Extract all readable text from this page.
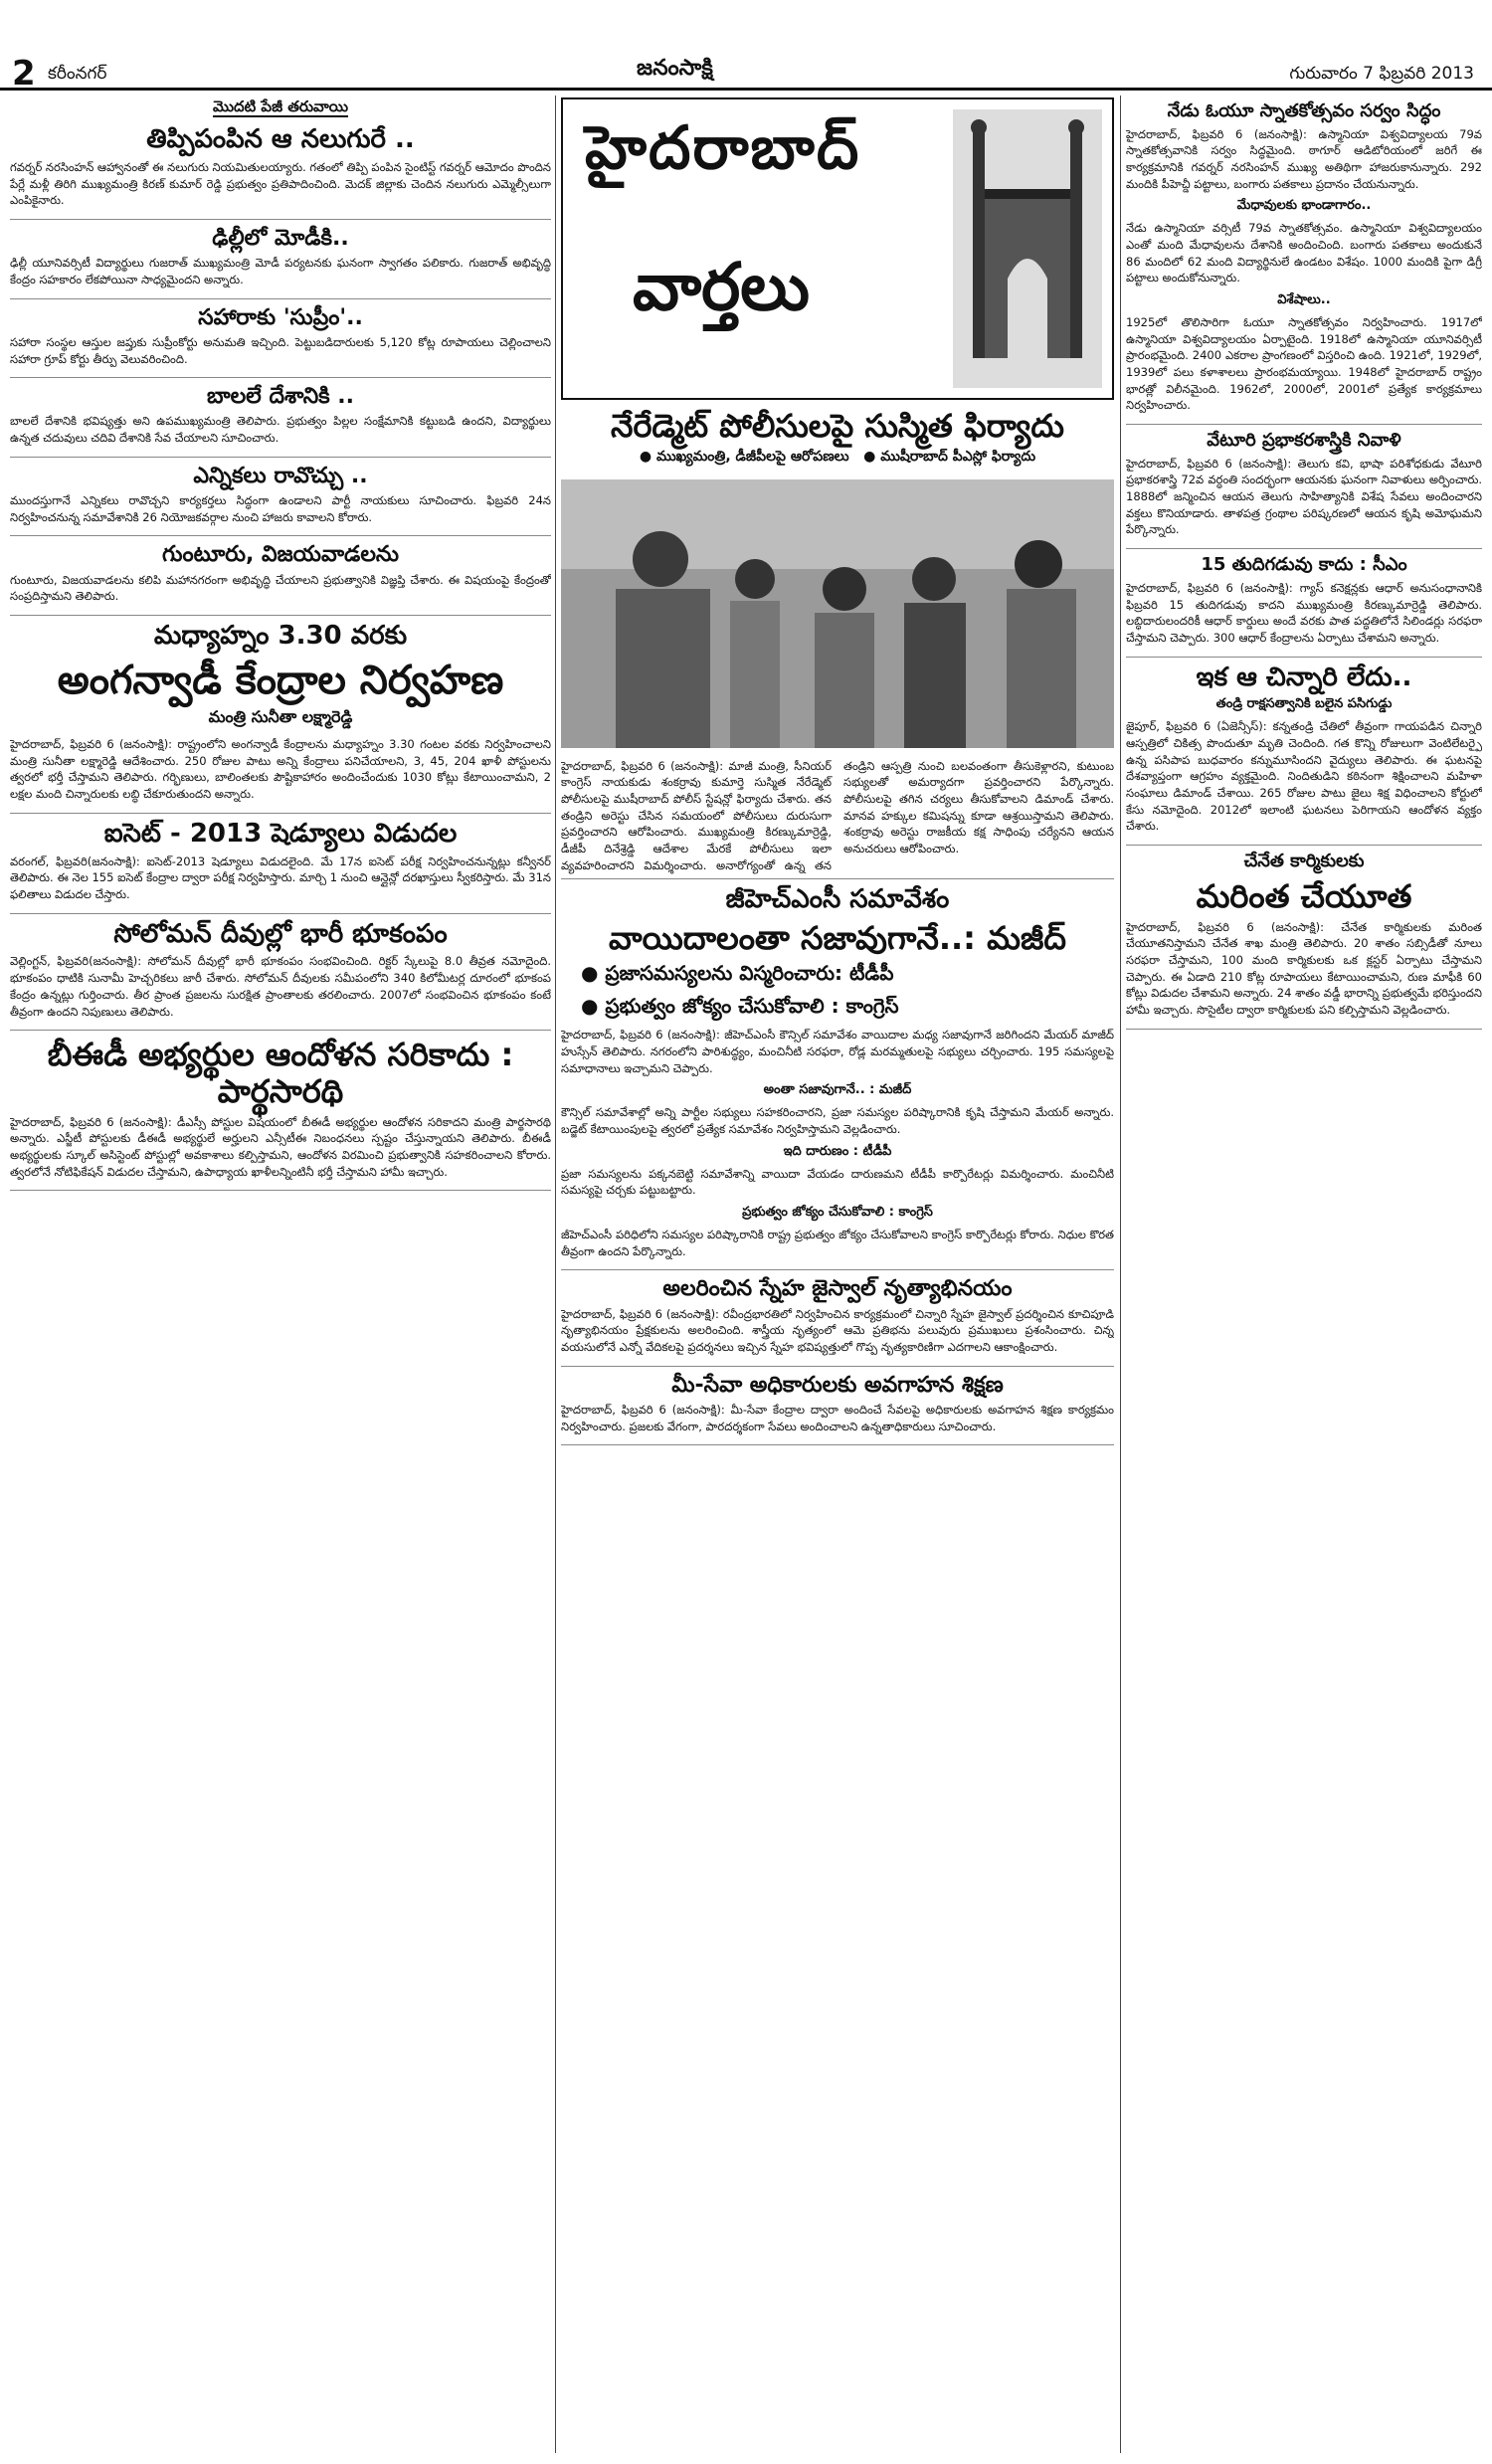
2 కరీంనగర్	జనంసాక్షి	గురువారం 7 ఫిబ్రవరి 2013
మొదటి పేజీ తరువాయి
తిప్పిపంపిన ఆ నలుగురే ..

గవర్నర్ నరసింహన్ ఆహ్వానంతో ఈ నలుగురు నియమితులయ్యారు. గతంలో తిప్పి పంపిన సైంటిస్ట్ గవర్నర్ ఆమోదం పొందిన పేర్లే మళ్లీ తిరిగి ముఖ్యమంత్రి కిరణ్ కుమార్ రెడ్డి ప్రభుత్వం ప్రతిపాదించింది. మెదక్ జిల్లాకు చెందిన నలుగురు ఎమ్మెల్సీలుగా ఎంపికైనారు.

ఢిల్లీలో మోడీకి..

ఢిల్లీ యూనివర్సిటీ విద్యార్థులు గుజరాత్ ముఖ్యమంత్రి మోడీ పర్యటనకు ఘనంగా స్వాగతం పలికారు. గుజరాత్ అభివృద్ధి కేంద్రం సహకారం లేకపోయినా సాధ్యమైందని అన్నారు.

సహారాకు 'సుప్రీం'..

సహారా సంస్థల ఆస్తుల జప్తుకు సుప్రీంకోర్టు అనుమతి ఇచ్చింది. పెట్టుబడిదారులకు 5,120 కోట్ల రూపాయలు చెల్లించాలని సహారా గ్రూప్ కోర్టు తీర్పు వెలువరించింది.

బాలలే దేశానికి ..

బాలలే దేశానికి భవిష్యత్తు అని ఉపముఖ్యమంత్రి తెలిపారు. ప్రభుత్వం పిల్లల సంక్షేమానికి కట్టుబడి ఉందని, విద్యార్థులు ఉన్నత చదువులు చదివి దేశానికి సేవ చేయాలని సూచించారు.

ఎన్నికలు రావొచ్చు ..

ముందస్తుగానే ఎన్నికలు రావొచ్చని కార్యకర్తలు సిద్ధంగా ఉండాలని పార్టీ నాయకులు సూచించారు. ఫిబ్రవరి 24న నిర్వహించనున్న సమావేశానికి 26 నియోజకవర్గాల నుంచి హాజరు కావాలని కోరారు.

గుంటూరు, విజయవాడలను

గుంటూరు, విజయవాడలను కలిపి మహానగరంగా అభివృద్ధి చేయాలని ప్రభుత్వానికి విజ్ఞప్తి చేశారు. ఈ విషయంపై కేంద్రంతో సంప్రదిస్తామని తెలిపారు.

మధ్యాహ్నం 3.30 వరకు
అంగన్వాడీ కేంద్రాల నిర్వహణ
మంత్రి సునీతా లక్ష్మారెడ్డి

హైదరాబాద్, ఫిబ్రవరి 6 (జనంసాక్షి): రాష్ట్రంలోని అంగన్వాడీ కేంద్రాలను మధ్యాహ్నం 3.30 గంటల వరకు నిర్వహించాలని మంత్రి సునీతా లక్ష్మారెడ్డి ఆదేశించారు. 250 రోజుల పాటు అన్ని కేంద్రాలు పనిచేయాలని, 3, 45, 204 ఖాళీ పోస్టులను త్వరలో భర్తీ చేస్తామని తెలిపారు. గర్భిణులు, బాలింతలకు పౌష్టికాహారం అందించేందుకు 1030 కోట్లు కేటాయించామని, 2 లక్షల మంది చిన్నారులకు లబ్ధి చేకూరుతుందని అన్నారు.

ఐసెట్ - 2013 షెడ్యూలు విడుదల

వరంగల్, ఫిబ్రవరి(జనంసాక్షి): ఐసెట్-2013 షెడ్యూలు విడుదలైంది. మే 17న ఐసెట్ పరీక్ష నిర్వహించనున్నట్లు కన్వీనర్ తెలిపారు. ఈ నెల 155 ఐసెట్ కేంద్రాల ద్వారా పరీక్ష నిర్వహిస్తారు. మార్చి 1 నుంచి ఆన్లైన్లో దరఖాస్తులు స్వీకరిస్తారు. మే 31న ఫలితాలు విడుదల చేస్తారు.

సోలోమన్ దీవుల్లో భారీ భూకంపం

వెల్లింగ్టన్, ఫిబ్రవరి(జనంసాక్షి): సోలోమన్ దీవుల్లో భారీ భూకంపం సంభవించింది. రిక్టర్ స్కేలుపై 8.0 తీవ్రత నమోదైంది. భూకంపం ధాటికి సునామీ హెచ్చరికలు జారీ చేశారు. సోలోమన్ దీవులకు సమీపంలోని 340 కిలోమీటర్ల దూరంలో భూకంప కేంద్రం ఉన్నట్లు గుర్తించారు. తీర ప్రాంత ప్రజలను సురక్షిత ప్రాంతాలకు తరలించారు. 2007లో సంభవించిన భూకంపం కంటే తీవ్రంగా ఉందని నిపుణులు తెలిపారు.

బీఈడీ అభ్యర్థుల ఆందోళన సరికాదు : పార్థసారథి

హైదరాబాద్, ఫిబ్రవరి 6 (జనంసాక్షి): డీఎస్సీ పోస్టుల విషయంలో బీఈడీ అభ్యర్థుల ఆందోళన సరికాదని మంత్రి పార్థసారథి అన్నారు. ఎస్జీటీ పోస్టులకు డీఈడీ అభ్యర్థులే అర్హులని ఎన్సీటీఈ నిబంధనలు స్పష్టం చేస్తున్నాయని తెలిపారు. బీఈడీ అభ్యర్థులకు స్కూల్ అసిస్టెంట్ పోస్టుల్లో అవకాశాలు కల్పిస్తామని, ఆందోళన విరమించి ప్రభుత్వానికి సహకరించాలని కోరారు. త్వరలోనే నోటిఫికేషన్ విడుదల చేస్తామని, ఉపాధ్యాయ ఖాళీలన్నింటినీ భర్తీ చేస్తామని హామీ ఇచ్చారు.

హైదరాబాద్
వార్తలు
నేరేడ్మెట్ పోలీసులపై సుస్మిత ఫిర్యాదు
● ముఖ్యమంత్రి, డీజీపీలపై ఆరోపణలు   ● ముషీరాబాద్ పీఎస్లో ఫిర్యాదు

హైదరాబాద్, ఫిబ్రవరి 6 (జనంసాక్షి): మాజీ మంత్రి, సీనియర్ కాంగ్రెస్ నాయకుడు శంకర్రావు కుమార్తె సుస్మిత నేరేడ్మెట్ పోలీసులపై ముషీరాబాద్ పోలీస్ స్టేషన్లో ఫిర్యాదు చేశారు. తన తండ్రిని అరెస్టు చేసిన సమయంలో పోలీసులు దురుసుగా ప్రవర్తించారని ఆరోపించారు. ముఖ్యమంత్రి కిరణ్కుమార్రెడ్డి, డీజీపీ దినేశ్రెడ్డి ఆదేశాల మేరకే పోలీసులు ఇలా వ్యవహరించారని విమర్శించారు. అనారోగ్యంతో ఉన్న తన తండ్రిని ఆస్పత్రి నుంచి బలవంతంగా తీసుకెళ్లారని, కుటుంబ సభ్యులతో అమర్యాదగా ప్రవర్తించారని పేర్కొన్నారు. పోలీసులపై తగిన చర్యలు తీసుకోవాలని డిమాండ్ చేశారు. మానవ హక్కుల కమిషన్ను కూడా ఆశ్రయిస్తామని తెలిపారు. శంకర్రావు అరెస్టు రాజకీయ కక్ష సాధింపు చర్యేనని ఆయన అనుచరులు ఆరోపించారు.

జీహెచ్ఎంసీ సమావేశం
వాయిదాలంతా సజావుగానే..: మజీద్
● ప్రజాసమస్యలను విస్మరించారు: టీడీపీ
● ప్రభుత్వం జోక్యం చేసుకోవాలి : కాంగ్రెస్

హైదరాబాద్, ఫిబ్రవరి 6 (జనంసాక్షి): జీహెచ్ఎంసీ కౌన్సిల్ సమావేశం వాయిదాల మధ్య సజావుగానే జరిగిందని మేయర్ మాజీద్ హుస్సేన్ తెలిపారు. నగరంలోని పారిశుద్ధ్యం, మంచినీటి సరఫరా, రోడ్ల మరమ్మతులపై సభ్యులు చర్చించారు. 195 సమస్యలపై సమాధానాలు ఇచ్చామని చెప్పారు.

అంతా సజావుగానే.. : మజీద్

కౌన్సిల్ సమావేశాల్లో అన్ని పార్టీల సభ్యులు సహకరించారని, ప్రజా సమస్యల పరిష్కారానికి కృషి చేస్తామని మేయర్ అన్నారు. బడ్జెట్ కేటాయింపులపై త్వరలో ప్రత్యేక సమావేశం నిర్వహిస్తామని వెల్లడించారు.

ఇది దారుణం : టీడీపీ

ప్రజా సమస్యలను పక్కనబెట్టి సమావేశాన్ని వాయిదా వేయడం దారుణమని టీడీపీ కార్పొరేటర్లు విమర్శించారు. మంచినీటి సమస్యపై చర్చకు పట్టుబట్టారు.

ప్రభుత్వం జోక్యం చేసుకోవాలి : కాంగ్రెస్

జీహెచ్ఎంసీ పరిధిలోని సమస్యల పరిష్కారానికి రాష్ట్ర ప్రభుత్వం జోక్యం చేసుకోవాలని కాంగ్రెస్ కార్పొరేటర్లు కోరారు. నిధుల కొరత తీవ్రంగా ఉందని పేర్కొన్నారు.

అలరించిన స్నేహ జైస్వాల్ నృత్యాభినయం

హైదరాబాద్, ఫిబ్రవరి 6 (జనంసాక్షి): రవీంద్రభారతిలో నిర్వహించిన కార్యక్రమంలో చిన్నారి స్నేహ జైస్వాల్ ప్రదర్శించిన కూచిపూడి నృత్యాభినయం ప్రేక్షకులను అలరించింది. శాస్త్రీయ నృత్యంలో ఆమె ప్రతిభను పలువురు ప్రముఖులు ప్రశంసించారు. చిన్న వయసులోనే ఎన్నో వేదికలపై ప్రదర్శనలు ఇచ్చిన స్నేహ భవిష్యత్తులో గొప్ప నృత్యకారిణిగా ఎదగాలని ఆకాంక్షించారు.

మీ-సేవా అధికారులకు అవగాహన శిక్షణ

హైదరాబాద్, ఫిబ్రవరి 6 (జనంసాక్షి): మీ-సేవా కేంద్రాల ద్వారా అందించే సేవలపై అధికారులకు అవగాహన శిక్షణ కార్యక్రమం నిర్వహించారు. ప్రజలకు వేగంగా, పారదర్శకంగా సేవలు అందించాలని ఉన్నతాధికారులు సూచించారు.

నేడు ఓయూ స్నాతకోత్సవం సర్వం సిద్ధం

హైదరాబాద్, ఫిబ్రవరి 6 (జనంసాక్షి): ఉస్మానియా విశ్వవిద్యాలయ 79వ స్నాతకోత్సవానికి సర్వం సిద్ధమైంది. ఠాగూర్ ఆడిటోరియంలో జరిగే ఈ కార్యక్రమానికి గవర్నర్ నరసింహన్ ముఖ్య అతిథిగా హాజరుకానున్నారు. 292 మందికి పీహెచ్డీ పట్టాలు, బంగారు పతకాలు ప్రదానం చేయనున్నారు.

మేధావులకు భాండాగారం..

నేడు ఉస్మానియా వర్సిటీ 79వ స్నాతకోత్సవం. ఉస్మానియా విశ్వవిద్యాలయం ఎంతో మంది మేధావులను దేశానికి అందించింది. బంగారు పతకాలు అందుకునే 86 మందిలో 62 మంది విద్యార్థినులే ఉండటం విశేషం. 1000 మందికి పైగా డిగ్రీ పట్టాలు అందుకోనున్నారు.

విశేషాలు..

1925లో తొలిసారిగా ఓయూ స్నాతకోత్సవం నిర్వహించారు. 1917లో ఉస్మానియా విశ్వవిద్యాలయం ఏర్పాటైంది. 1918లో ఉస్మానియా యూనివర్సిటీ ప్రారంభమైంది. 2400 ఎకరాల ప్రాంగణంలో విస్తరించి ఉంది. 1921లో, 1929లో, 1939లో పలు కళాశాలలు ప్రారంభమయ్యాయి. 1948లో హైదరాబాద్ రాష్ట్రం భారత్లో విలీనమైంది. 1962లో, 2000లో, 2001లో ప్రత్యేక కార్యక్రమాలు నిర్వహించారు.

వేటూరి ప్రభాకరశాస్త్రికి నివాళి

హైదరాబాద్, ఫిబ్రవరి 6 (జనంసాక్షి): తెలుగు కవి, భాషా పరిశోధకుడు వేటూరి ప్రభాకరశాస్త్రి 72వ వర్ధంతి సందర్భంగా ఆయనకు ఘనంగా నివాళులు అర్పించారు. 1888లో జన్మించిన ఆయన తెలుగు సాహిత్యానికి విశేష సేవలు అందించారని వక్తలు కొనియాడారు. తాళపత్ర గ్రంథాల పరిష్కరణలో ఆయన కృషి అమోఘమని పేర్కొన్నారు.

15 తుదిగడువు కాదు : సీఎం

హైదరాబాద్, ఫిబ్రవరి 6 (జనంసాక్షి): గ్యాస్ కనెక్షన్లకు ఆధార్ అనుసంధానానికి ఫిబ్రవరి 15 తుదిగడువు కాదని ముఖ్యమంత్రి కిరణ్కుమార్రెడ్డి తెలిపారు. లబ్ధిదారులందరికీ ఆధార్ కార్డులు అందే వరకు పాత పద్ధతిలోనే సిలిండర్లు సరఫరా చేస్తామని చెప్పారు. 300 ఆధార్ కేంద్రాలను ఏర్పాటు చేశామని అన్నారు.

ఇక ఆ చిన్నారి లేదు..
తండ్రి రాక్షసత్వానికి బలైన పసిగుడ్డు

జైపూర్, ఫిబ్రవరి 6 (ఏజెన్సీస్): కన్నతండ్రి చేతిలో తీవ్రంగా గాయపడిన చిన్నారి ఆస్పత్రిలో చికిత్స పొందుతూ మృతి చెందింది. గత కొన్ని రోజులుగా వెంటిలేటర్పై ఉన్న పసిపాప బుధవారం కన్నుమూసిందని వైద్యులు తెలిపారు. ఈ ఘటనపై దేశవ్యాప్తంగా ఆగ్రహం వ్యక్తమైంది. నిందితుడిని కఠినంగా శిక్షించాలని మహిళా సంఘాలు డిమాండ్ చేశాయి. 265 రోజుల పాటు జైలు శిక్ష విధించాలని కోర్టులో కేసు నమోదైంది. 2012లో ఇలాంటి ఘటనలు పెరిగాయని ఆందోళన వ్యక్తం చేశారు.

చేనేత కార్మికులకు
మరింత చేయూత

హైదరాబాద్, ఫిబ్రవరి 6 (జనంసాక్షి): చేనేత కార్మికులకు మరింత చేయూతనిస్తామని చేనేత శాఖ మంత్రి తెలిపారు. 20 శాతం సబ్సిడీతో నూలు సరఫరా చేస్తామని, 100 మంది కార్మికులకు ఒక క్లస్టర్ ఏర్పాటు చేస్తామని చెప్పారు. ఈ ఏడాది 210 కోట్ల రూపాయలు కేటాయించామని, రుణ మాఫీకి 60 కోట్లు విడుదల చేశామని అన్నారు. 24 శాతం వడ్డీ భారాన్ని ప్రభుత్వమే భరిస్తుందని హామీ ఇచ్చారు. సొసైటీల ద్వారా కార్మికులకు పని కల్పిస్తామని వెల్లడించారు.
